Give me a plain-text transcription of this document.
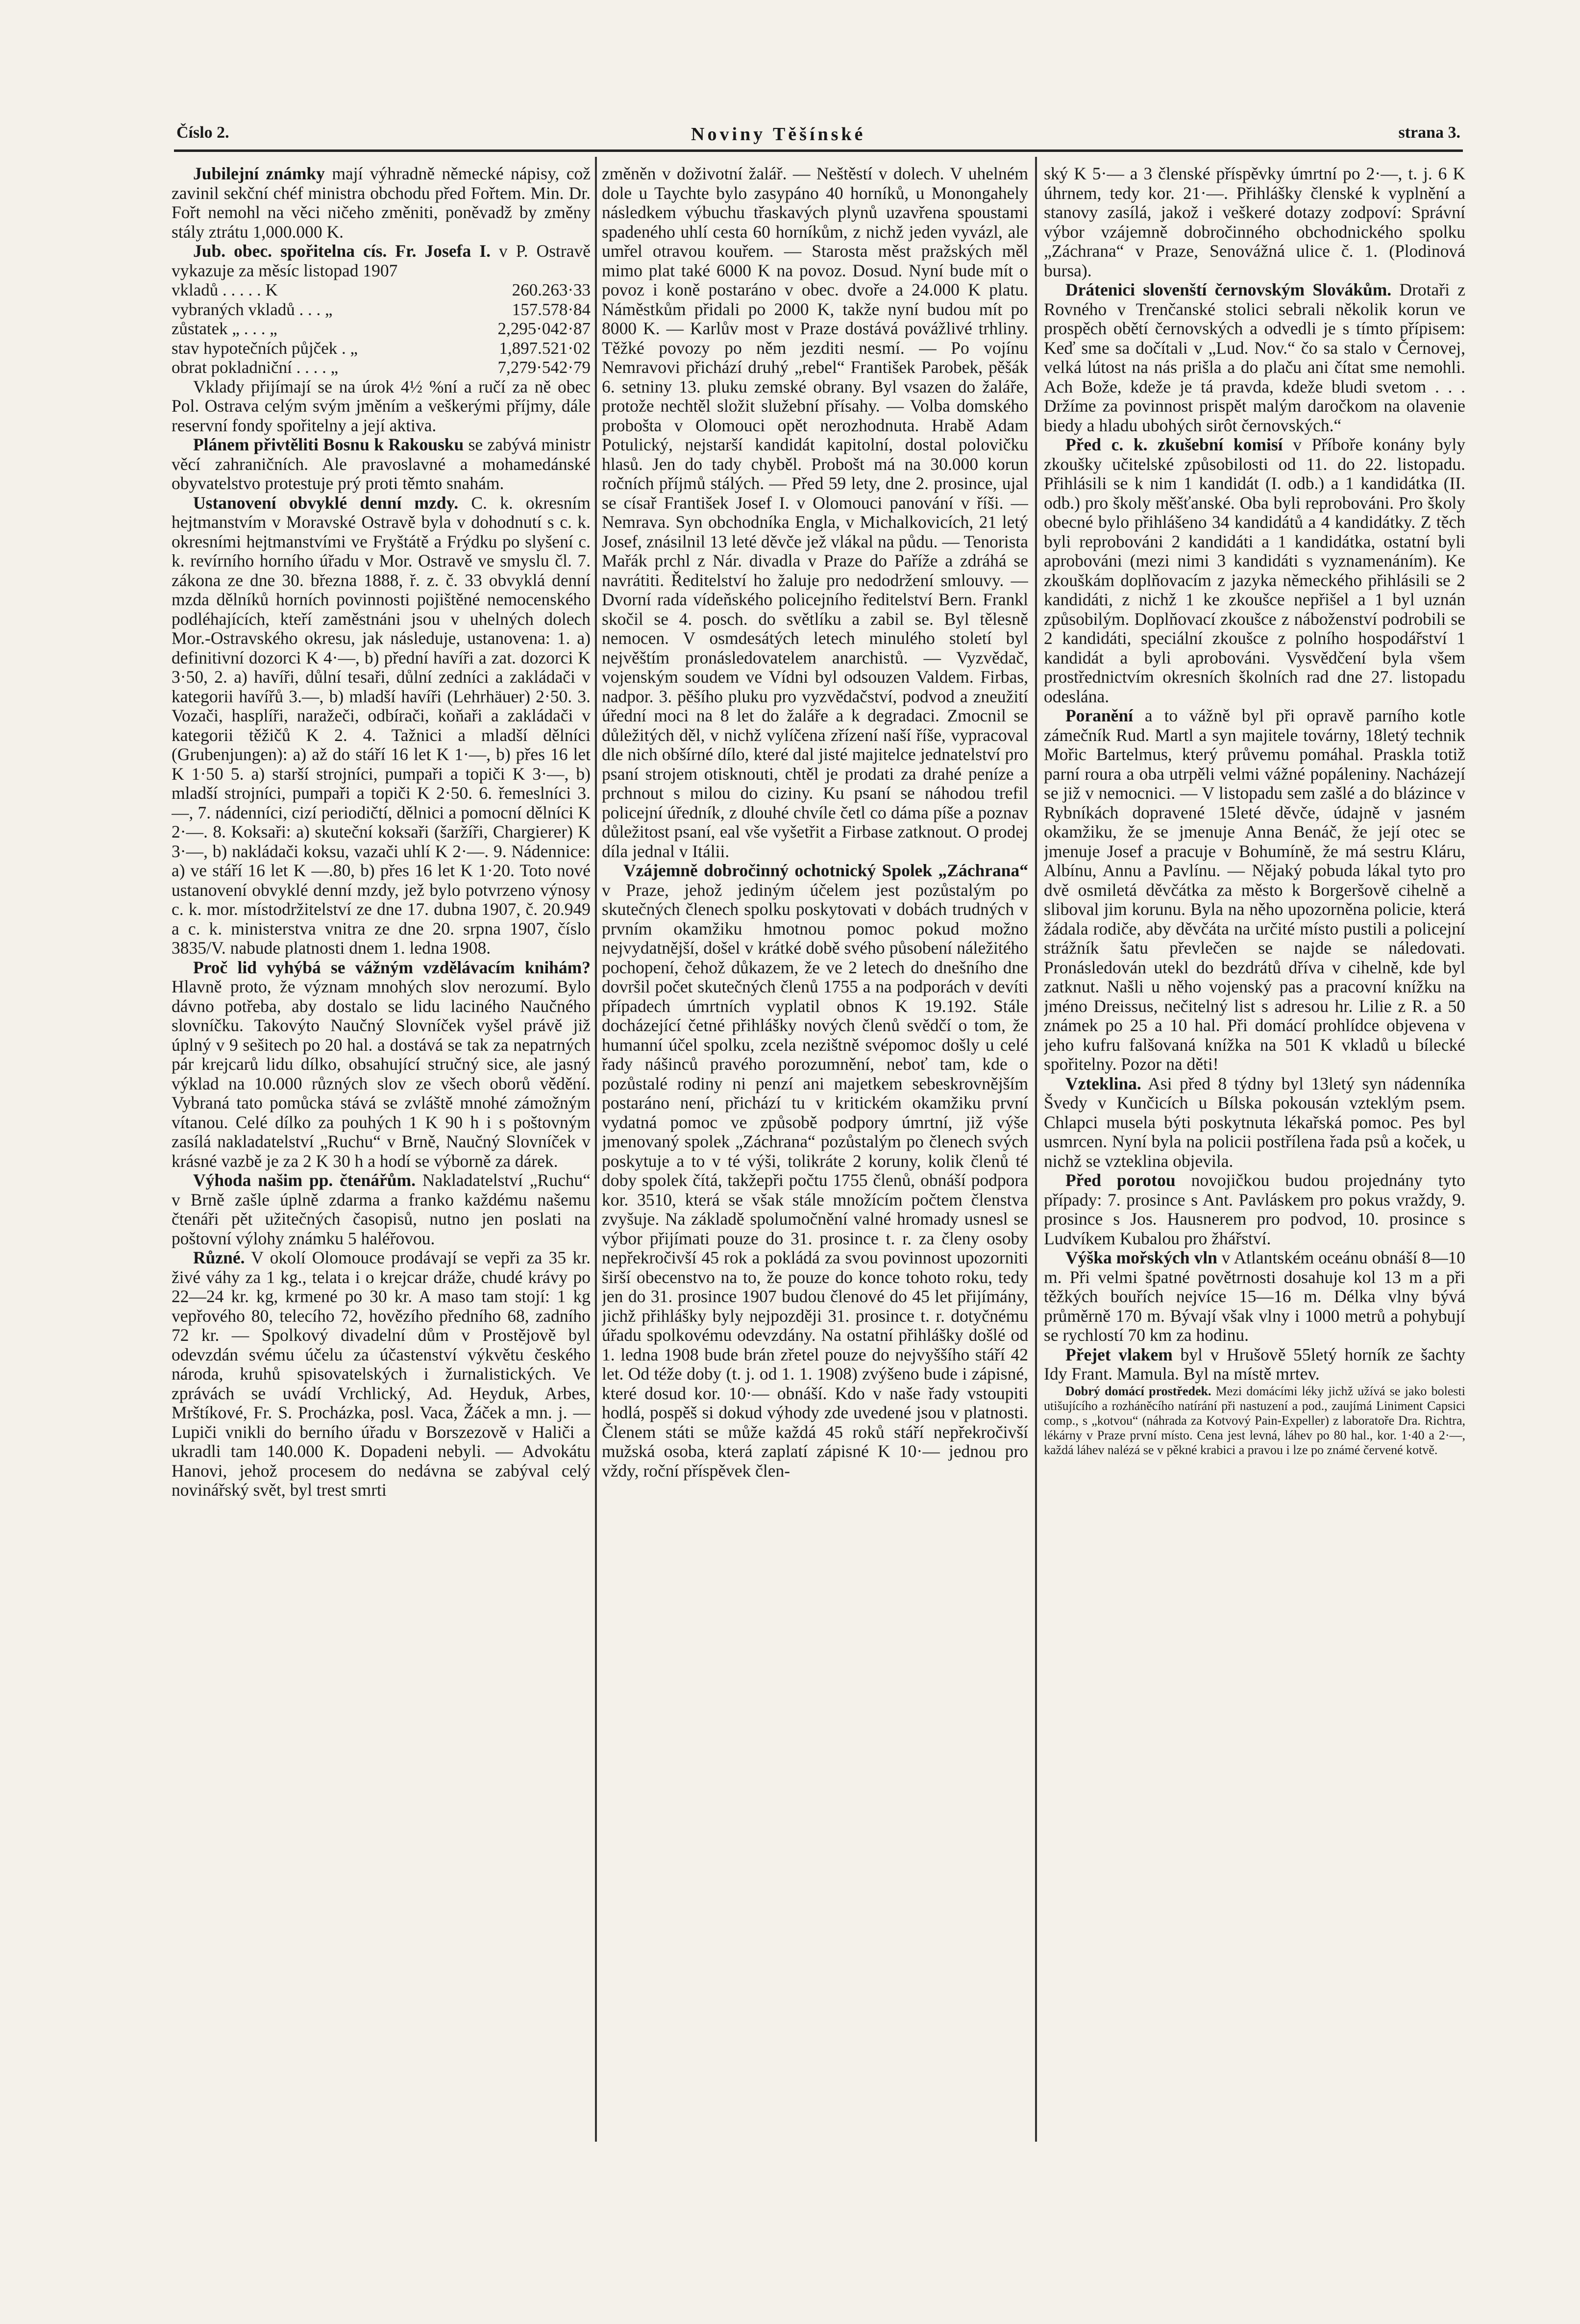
Číslo 2.	Noviny Těšínské	strana 3.

Jubilejní známky mají výhradně německé nápisy, což zavinil sekční chéf ministra obchodu před Fořtem. Min. Dr. Fořt nemohl na věci ničeho změniti, poněvadž by změny stály ztrátu 1,000.000 K.

Jub. obec. spořitelna cís. Fr. Josefa I. v P. Ostravě vykazuje za měsíc listopad 1907

vkladů . . . . . K	260.263·33
vybraných vkladů . . . „	157.578·84
zůstatek „ . . . „	2,295·042·87
stav hypotečních půjček . „	1,897.521·02
obrat pokladniční . . . . „	7,279·542·79

Vklady přijímají se na úrok 4½ %ní a ručí za ně obec Pol. Ostrava celým svým jměním a veškerými příjmy, dále reservní fondy spořitelny a její aktiva.

Plánem přivtěliti Bosnu k Rakousku se zabývá ministr věcí zahraničních. Ale pravoslavné a mohamedánské obyvatelstvo protestuje prý proti těmto snahám.

Ustanovení obvyklé denní mzdy. C. k. okresním hejtmanstvím v Moravské Ostravě byla v dohodnutí s c. k. okresními hejtmanstvími ve Fryštátě a Frýdku po slyšení c. k. revírního horního úřadu v Mor. Ostravě ve smyslu čl. 7. zákona ze dne 30. března 1888, ř. z. č. 33 obvyklá denní mzda dělníků horních povinnosti pojištěné nemocenského podléhajících, kteří zaměstnáni jsou v uhelných dolech Mor.-Ostravského okresu, jak následuje, ustanovena: 1. a) definitivní dozorci K 4·—, b) přední havíři a zat. dozorci K 3·50, 2. a) havíři, důlní tesaři, důlní zedníci a zakládači v kategorii havířů 3.—, b) mladší havíři (Lehrhäuer) 2·50. 3. Vozači, hasplíři, naražeči, odbírači, koňaři a zakládači v kategorii těžičů K 2. 4. Tažnici a mladší dělníci (Grubenjungen): a) až do stáří 16 let K 1·—, b) přes 16 let K 1·50 5. a) starší strojníci, pumpaři a topiči K 3·—, b) mladší strojníci, pumpaři a topiči K 2·50. 6. řemeslníci 3.—, 7. nádenníci, cizí periodičtí, dělnici a pomocní dělníci K 2·—. 8. Koksaři: a) skuteční koksaři (šaržíři, Chargierer) K 3·—, b) nakládači koksu, vazači uhlí K 2·—. 9. Nádennice: a) ve stáří 16 let K —.80, b) přes 16 let K 1·20. Toto nové ustanovení obvyklé denní mzdy, jež bylo potvrzeno výnosy c. k. mor. místodržitelství ze dne 17. dubna 1907, č. 20.949 a c. k. ministerstva vnitra ze dne 20. srpna 1907, číslo 3835/V. nabude platnosti dnem 1. ledna 1908.

Proč lid vyhýbá se vážným vzdělávacím knihám? Hlavně proto, že význam mnohých slov nerozumí. Bylo dávno potřeba, aby dostalo se lidu laciného Naučného slovníčku. Takovýto Naučný Slovníček vyšel právě již úplný v 9 sešitech po 20 hal. a dostává se tak za nepatrných pár krejcarů lidu dílko, obsahující stručný sice, ale jasný výklad na 10.000 různých slov ze všech oborů vědění. Vybraná tato pomůcka stává se zvláště mnohé zámožným vítanou. Celé dílko za pouhých 1 K 90 h i s poštovným zasílá nakladatelství „Ruchu“ v Brně, Naučný Slovníček v krásné vazbě je za 2 K 30 h a hodí se výborně za dárek.

Výhoda našim pp. čtenářům. Nakladatelství „Ruchu“ v Brně zašle úplně zdarma a franko každému našemu čtenáři pět užitečných časopisů, nutno jen poslati na poštovní výlohy známku 5 haléřovou.

Různé. V okolí Olomouce prodávají se vepři za 35 kr. živé váhy za 1 kg., telata i o krejcar dráže, chudé krávy po 22—24 kr. kg, krmené po 30 kr. A maso tam stojí: 1 kg vepřového 80, telecího 72, hovězího předního 68, zadního 72 kr. — Spolkový divadelní dům v Prostějově byl odevzdán svému účelu za účastenství výkvětu českého národa, kruhů spisovatelských i žurnalistických. Ve zprávách se uvádí Vrchlický, Ad. Heyduk, Arbes, Mrštíkové, Fr. S. Procházka, posl. Vaca, Žáček a mn. j. — Lupiči vnikli do berního úřadu v Borszezově v Haliči a ukradli tam 140.000 K. Dopadeni nebyli. — Advokátu Hanovi, jehož procesem do nedávna se zabýval celý novinářský svět, byl trest smrti

změněn v doživotní žalář. — Neštěstí v dolech. V uhelném dole u Taychte bylo zasypáno 40 horníků, u Monongahely následkem výbuchu třaskavých plynů uzavřena spoustami spadeného uhlí cesta 60 horníkům, z nichž jeden vyvázl, ale umřel otravou kouřem. — Starosta měst pražských měl mimo plat také 6000 K na povoz. Dosud. Nyní bude mít o povoz i koně postaráno v obec. dvoře a 24.000 K platu. Náměstkům přidali po 2000 K, takže nyní budou mít po 8000 K. — Karlův most v Praze dostává povážlivé trhliny. Těžké povozy po něm jezditi nesmí. — Po vojínu Nemravovi přichází druhý „rebel“ František Parobek, pěšák 6. setniny 13. pluku zemské obrany. Byl vsazen do žaláře, protože nechtěl složit služební přísahy. — Volba domského proboštа v Olomouci opět nerozhodnuta. Hrabě Adam Potulický, nejstarší kandidát kapitolní, dostal polovičku hlasů. Jen do tady chyběl. Probošt má na 30.000 korun ročních příjmů stálých. — Před 59 lety, dne 2. prosince, ujal se císař František Josef I. v Olomouci panování v říši. — Nemrava. Syn obchodníka Engla, v Michalkovicích, 21 letý Josef, znásilnil 13 leté děvče jež vlákal na půdu. — Tenorista Mařák prchl z Nár. divadla v Praze do Paříže a zdráhá se navrátiti. Ředitelství ho žaluje pro nedodržení smlouvy. — Dvorní rada vídeňského policejního ředitelství Bern. Frankl skočil se 4. posch. do světlíku a zabil se. Byl tělesně nemocen. V osmdesátých letech minulého století byl nejvěštím pronásledovatelem anarchistů. — Vyzvědač, vojenským soudem ve Vídni byl odsouzen Valdem. Firbas, nadpor. 3. pěšího pluku pro vyzvědačství, podvod a zneužití úřední moci na 8 let do žaláře a k degradaci. Zmocnil se důležitých děl, v nichž vylíčena zřízení naší říše, vypracoval dle nich obšírné dílo, které dal jisté majitelce jednatelství pro psaní strojem otisknouti, chtěl je prodati za drahé peníze a prchnout s milou do ciziny. Ku psaní se náhodou trefil policejní úředník, z dlouhé chvíle četl co dáma píše a poznav důležitost psaní, eal vše vyšetřit a Firbase zatknout. O prodej díla jednal v Itálii.

Vzájemně dobročinný ochotnický Spolek „Záchrana“ v Praze, jehož jediným účelem jest pozůstalým po skutečných členech spolku poskytovati v dobách trudných v prvním okamžiku hmotnou pomoc pokud možno nejvydatnější, došel v krátké době svého působení náležitého pochopení, čehož důkazem, že ve 2 letech do dnešního dne dovršil počet skutečných členů 1755 a na podporách v devíti případech úmrtních vyplatil obnos K 19.192. Stále docházející četné přihlášky nových členů svědčí o tom, že humanní účel spolku, zcela nezištně svépomoc došly u celé řady nášinců pravého porozumnění, neboť tam, kde o pozůstalé rodiny ni penzí ani majetkem sebeskrovnějším postaráno není, přichází tu v kritickém okamžiku první vydatná pomoc ve způsobě podpory úmrtní, již výše jmenovaný spolek „Záchrana“ pozůstalým po členech svých poskytuje a to v té výši, tolikráte 2 koruny, kolik členů té doby spolek čítá, takžepři počtu 1755 členů, obnáší podpora kor. 3510, která se však stále množícím počtem členstva zvyšuje. Na základě spolumočnění valné hromady usnesl se výbor přijímati pouze do 31. prosince t. r. za členy osoby nepřekročivší 45 rok a pokládá za svou povinnost upozorniti širší obecenstvo na to, že pouze do konce tohoto roku, tedy jen do 31. prosince 1907 budou členové do 45 let přijímány, jichž přihlášky byly nejpozději 31. prosince t. r. dotyčnému úřadu spolkovému odevzdány. Na ostatní přihlášky došlé od 1. ledna 1908 bude brán zřetel pouze do nejvyššího stáří 42 let. Od téže doby (t. j. od 1. 1. 1908) zvýšeno bude i zápisné, které dosud kor. 10·— obnáší. Kdo v naše řady vstoupiti hodlá, pospěš si dokud výhody zde uvedené jsou v platnosti. Členem státi se může každá 45 roků stáří nepřekročivší mužská osoba, která zaplatí zápisné K 10·— jednou pro vždy, roční příspěvek člen-

ský K 5·— a 3 členské příspěvky úmrtní po 2·—, t. j. 6 K úhrnem, tedy kor. 21·—. Přihlášky členské k vyplnění a stanovy zasílá, jakož i veškeré dotazy zodpoví: Správní výbor vzájemně dobročinného obchodnického spolku „Záchrana“ v Praze, Senovážná ulice č. 1. (Plodinová bursa).

Drátenici slovenští černovským Slovákům. Drotaři z Rovného v Trenčanské stolici sebrali několik korun ve prospěch obětí černovských a odvedli je s tímto přípisem: Keď sme sa dočítali v „Lud. Nov.“ čo sa stalo v Černovej, velká lútost na nás prišla a do plaču ani čítat sme nemohli. Ach Bože, kdeže je tá pravda, kdeže bludi svetom . . . Držíme za povinnost prispět malým daročkom na olavenie biedy a hladu ubohých sirôt černovských.“

Před c. k. zkušební komisí v Příboře konány byly zkoušky učitelské způsobilosti od 11. do 22. listopadu. Přihlásili se k nim 1 kandidát (I. odb.) a 1 kandidátka (II. odb.) pro školy měšťanské. Oba byli reprobováni. Pro školy obecné bylo přihlášeno 34 kandidátů a 4 kandidátky. Z těch byli reprobováni 2 kandidáti a 1 kandidátka, ostatní byli aprobováni (mezi nimi 3 kandidáti s vyznamenáním). Ke zkouškám doplňovacím z jazyka německého přihlásili se 2 kandidáti, z nichž 1 ke zkoušce nepřišel a 1 byl uznán způsobilým. Doplňovací zkoušce z náboženství podrobili se 2 kandidáti, speciální zkoušce z polního hospodářství 1 kandidát a byli aprobováni. Vysvědčení byla všem prostřednictvím okresních školních rad dne 27. listopadu odeslána.

Poranění a to vážně byl při opravě parního kotle zámečník Rud. Martl a syn majitele továrny, 18letý technik Mořic Bartelmus, který průvemu pomáhal. Praskla totiž parní roura a oba utrpěli velmi vážné popáleniny. Nacházejí se již v nemocnici. — V listopadu sem zašlé a do blázince v Rybníkách dopravené 15leté děvče, údajně v jasném okamžiku, že se jmenuje Anna Benáč, že její otec se jmenuje Josef a pracuje v Bohumíně, že má sestru Kláru, Albínu, Annu a Pavlínu. — Nějaký pobuda lákal tyto pro dvě osmiletá děvčátka za město k Borgeršově cihelně a sliboval jim korunu. Byla na něho upozorněna policie, která žádala rodiče, aby děvčáta na určité místo pustili a policejní strážník šatu převlečen se najde se náledovati. Pronásledován utekl do bezdrátů dříva v cihelně, kde byl zatknut. Našli u něho vojenský pas a pracovní knížku na jméno Dreissus, nečitelný list s adresou hr. Lilie z R. a 50 známek po 25 a 10 hal. Při domácí prohlídce objevena v jeho kufru falšovaná knížka na 501 K vkladů u bílecké spořitelny. Pozor na děti!

Vzteklina. Asi před 8 týdny byl 13letý syn nádenníka Švedy v Kunčicích u Bílska pokousán vzteklým psem. Chlapci musela býti poskytnuta lékařská pomoc. Pes byl usmrcen. Nyní byla na policii postřílena řada psů a koček, u nichž se vzteklina objevila.

Před porotou novojičkou budou projednány tyto případy: 7. prosince s Ant. Pavláskem pro pokus vraždy, 9. prosince s Jos. Hausnerem pro podvod, 10. prosince s Ludvíkem Kubalou pro žhářství.

Výška mořských vln v Atlantském oceánu obnáší 8—10 m. Při velmi špatné povětrnosti dosahuje kol 13 m a při těžkých bouřích nejvíce 15—16 m. Délka vlny bývá průměrně 170 m. Bývají však vlny i 1000 metrů a pohybují se rychlostí 70 km za hodinu.

Přejet vlakem byl v Hrušově 55letý horník ze šachty Idy Frant. Mamula. Byl na místě mrtev.

Dobrý domácí prostředek. Mezi domácími léky jichž užívá se jako bolesti utišujícího a rozháněcího natírání při nastuzení a pod., zaujímá Liniment Capsici comp., s „kotvou“ (náhrada za Kotvový Pain-Expeller) z laboratoře Dra. Richtra, lékárny v Praze první místo. Cena jest levná, láhev po 80 hal., kor. 1·40 a 2·—, každá láhev nalézá se v pěkné krabici a pravou i lze po známé červené kotvě.
